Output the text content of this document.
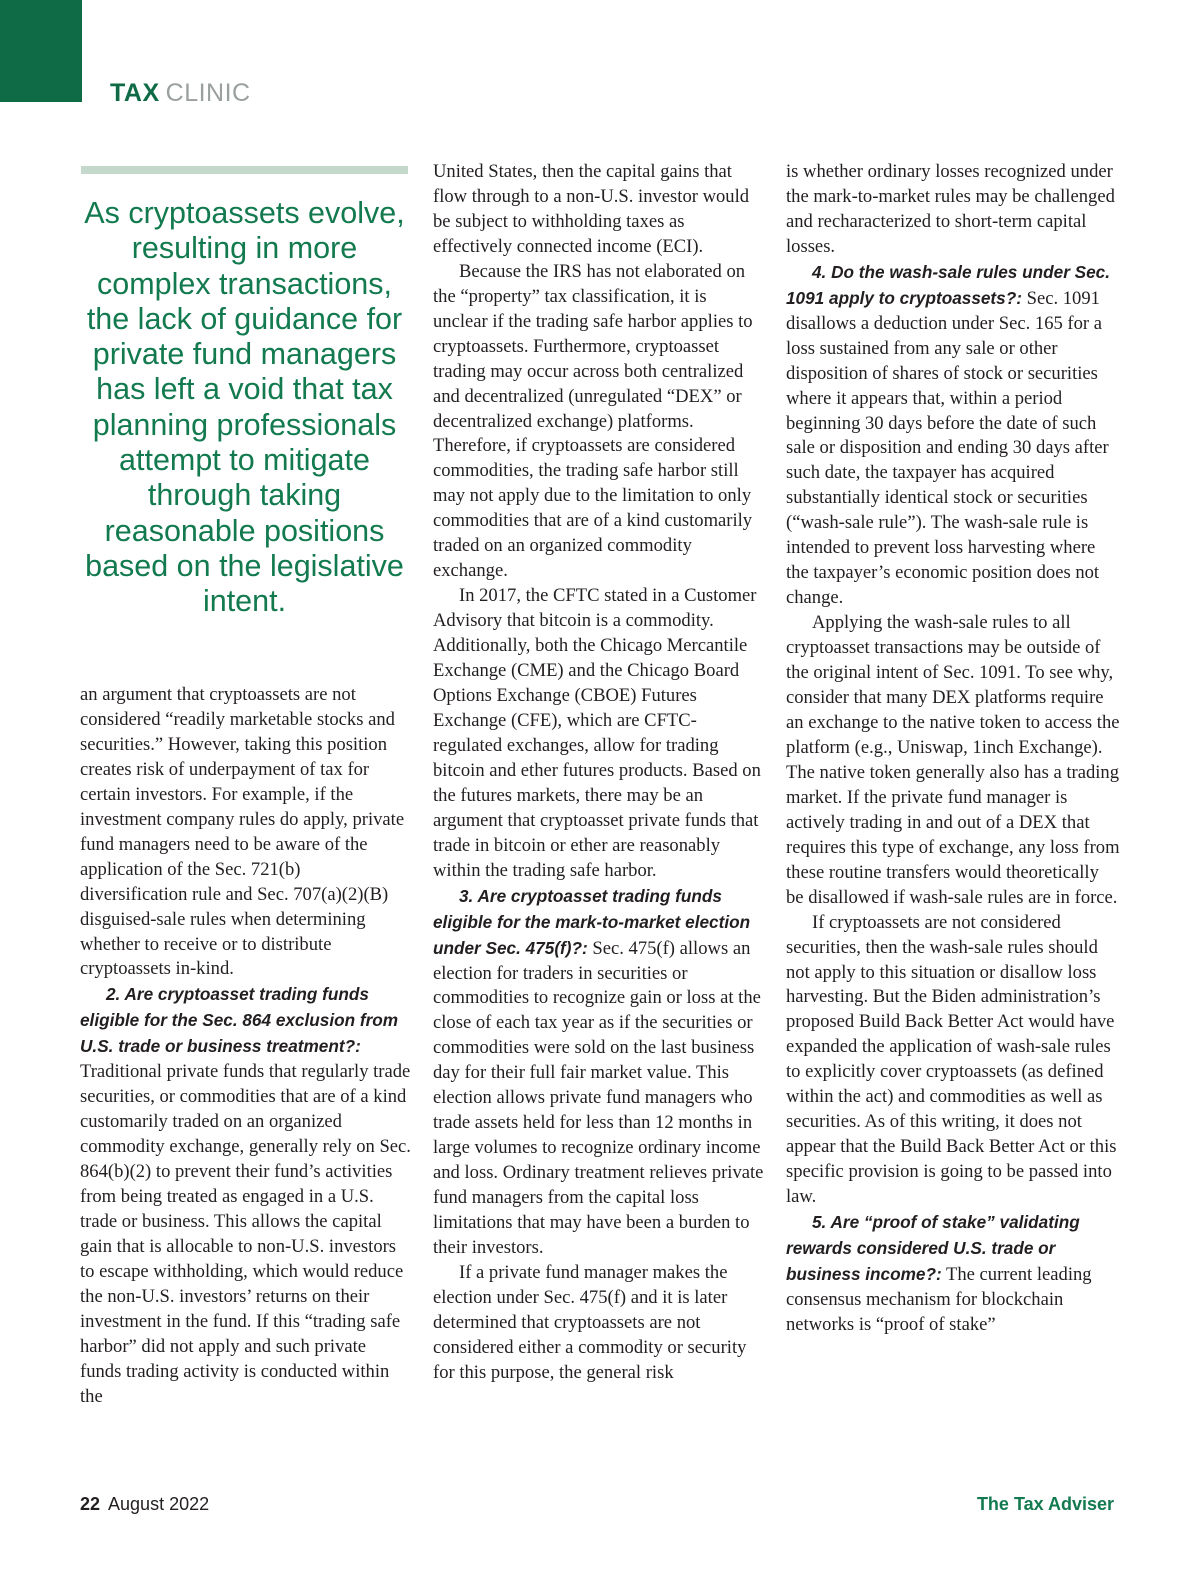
TAX CLINIC

As cryptoassets evolve, resulting in more complex transactions, the lack of guidance for private fund managers has left a void that tax planning professionals attempt to mitigate through taking reasonable positions based on the legislative intent.

an argument that cryptoassets are not considered “readily marketable stocks and securities.” However, taking this position creates risk of underpayment of tax for certain investors. For example, if the investment company rules do apply, private fund managers need to be aware of the application of the Sec. 721(b) diversification rule and Sec. 707(a)(2)(B) disguised-sale rules when determining whether to receive or to distribute cryptoassets in-kind.

2. Are cryptoasset trading funds eligible for the Sec. 864 exclusion from U.S. trade or business treatment?: Traditional private funds that regularly trade securities, or commodities that are of a kind customarily traded on an organized commodity exchange, generally rely on Sec. 864(b)(2) to prevent their fund’s activities from being treated as engaged in a U.S. trade or business. This allows the capital gain that is allocable to non-U.S. investors to escape withholding, which would reduce the non-U.S. investors’ returns on their investment in the fund. If this “trading safe harbor” did not apply and such private funds trading activity is conducted within the

United States, then the capital gains that flow through to a non-U.S. investor would be subject to withholding taxes as effectively connected income (ECI).

Because the IRS has not elaborated on the “property” tax classification, it is unclear if the trading safe harbor applies to cryptoassets. Furthermore, cryptoasset trading may occur across both centralized and decentralized (unregulated “DEX” or decentralized exchange) platforms. Therefore, if cryptoassets are considered commodities, the trading safe harbor still may not apply due to the limitation to only commodities that are of a kind customarily traded on an organized commodity exchange.

In 2017, the CFTC stated in a Customer Advisory that bitcoin is a commodity. Additionally, both the Chicago Mercantile Exchange (CME) and the Chicago Board Options Exchange (CBOE) Futures Exchange (CFE), which are CFTC-regulated exchanges, allow for trading bitcoin and ether futures products. Based on the futures markets, there may be an argument that cryptoasset private funds that trade in bitcoin or ether are reasonably within the trading safe harbor.

3. Are cryptoasset trading funds eligible for the mark-to-market election under Sec. 475(f)?: Sec. 475(f) allows an election for traders in securities or commodities to recognize gain or loss at the close of each tax year as if the securities or commodities were sold on the last business day for their full fair market value. This election allows private fund managers who trade assets held for less than 12 months in large volumes to recognize ordinary income and loss. Ordinary treatment relieves private fund managers from the capital loss limitations that may have been a burden to their investors.

If a private fund manager makes the election under Sec. 475(f) and it is later determined that cryptoassets are not considered either a commodity or security for this purpose, the general risk

is whether ordinary losses recognized under the mark-to-market rules may be challenged and recharacterized to short-term capital losses.

4. Do the wash-sale rules under Sec. 1091 apply to cryptoassets?: Sec. 1091 disallows a deduction under Sec. 165 for a loss sustained from any sale or other disposition of shares of stock or securities where it appears that, within a period beginning 30 days before the date of such sale or disposition and ending 30 days after such date, the taxpayer has acquired substantially identical stock or securities (“wash-sale rule”). The wash-sale rule is intended to prevent loss harvesting where the taxpayer’s economic position does not change.

Applying the wash-sale rules to all cryptoasset transactions may be outside of the original intent of Sec. 1091. To see why, consider that many DEX platforms require an exchange to the native token to access the platform (e.g., Uniswap, 1inch Exchange). The native token generally also has a trading market. If the private fund manager is actively trading in and out of a DEX that requires this type of exchange, any loss from these routine transfers would theoretically be disallowed if wash-sale rules are in force.

If cryptoassets are not considered securities, then the wash-sale rules should not apply to this situation or disallow loss harvesting. But the Biden administration’s proposed Build Back Better Act would have expanded the application of wash-sale rules to explicitly cover cryptoassets (as defined within the act) and commodities as well as securities. As of this writing, it does not appear that the Build Back Better Act or this specific provision is going to be passed into law.

5. Are “proof of stake” validating rewards considered U.S. trade or business income?: The current leading consensus mechanism for blockchain networks is “proof of stake”

22 August 2022	The Tax Adviser
